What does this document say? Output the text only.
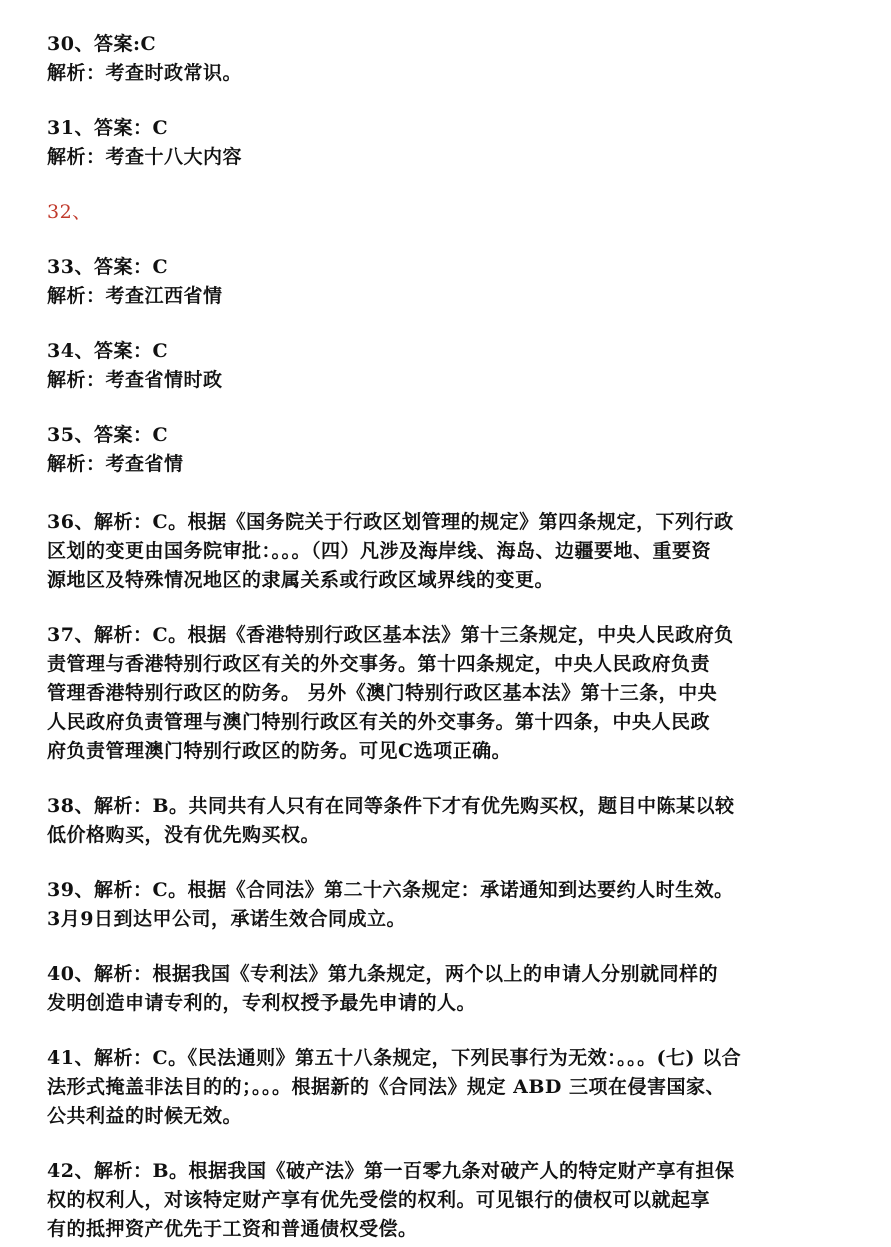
30、答案:C
解析：考查时政常识。
31、答案：C
解析：考查十八大内容
32、
33、答案：C
解析：考查江西省情
34、答案：C
解析：考查省情时政
35、答案：C
解析：考查省情
36、解析：C。根据《国务院关于行政区划管理的规定》第四条规定，下列行政
区划的变更由国务院审批：。。。（四）凡涉及海岸线、海岛、边疆要地、重要资
源地区及特殊情况地区的隶属关系或行政区域界线的变更。
37、解析：C。根据《香港特别行政区基本法》第十三条规定，中央人民政府负
责管理与香港特别行政区有关的外交事务。第十四条规定，中央人民政府负责
管理香港特别行政区的防务。 另外《澳门特别行政区基本法》第十三条，中央
人民政府负责管理与澳门特别行政区有关的外交事务。第十四条，中央人民政
府负责管理澳门特别行政区的防务。可见C选项正确。
38、解析：B。共同共有人只有在同等条件下才有优先购买权，题目中陈某以较
低价格购买，没有优先购买权。
39、解析：C。根据《合同法》第二十六条规定：承诺通知到达要约人时生效。
3月9日到达甲公司，承诺生效合同成立。
40、解析：根据我国《专利法》第九条规定，两个以上的申请人分别就同样的
发明创造申请专利的，专利权授予最先申请的人。
41、解析：C。《民法通则》第五十八条规定，下列民事行为无效：。。。(七) 以合
法形式掩盖非法目的的；。。。根据新的《合同法》规定 ABD 三项在侵害国家、
公共利益的时候无效。
42、解析：B。根据我国《破产法》第一百零九条对破产人的特定财产享有担保
权的权利人，对该特定财产享有优先受偿的权利。可见银行的债权可以就起享
有的抵押资产优先于工资和普通债权受偿。
